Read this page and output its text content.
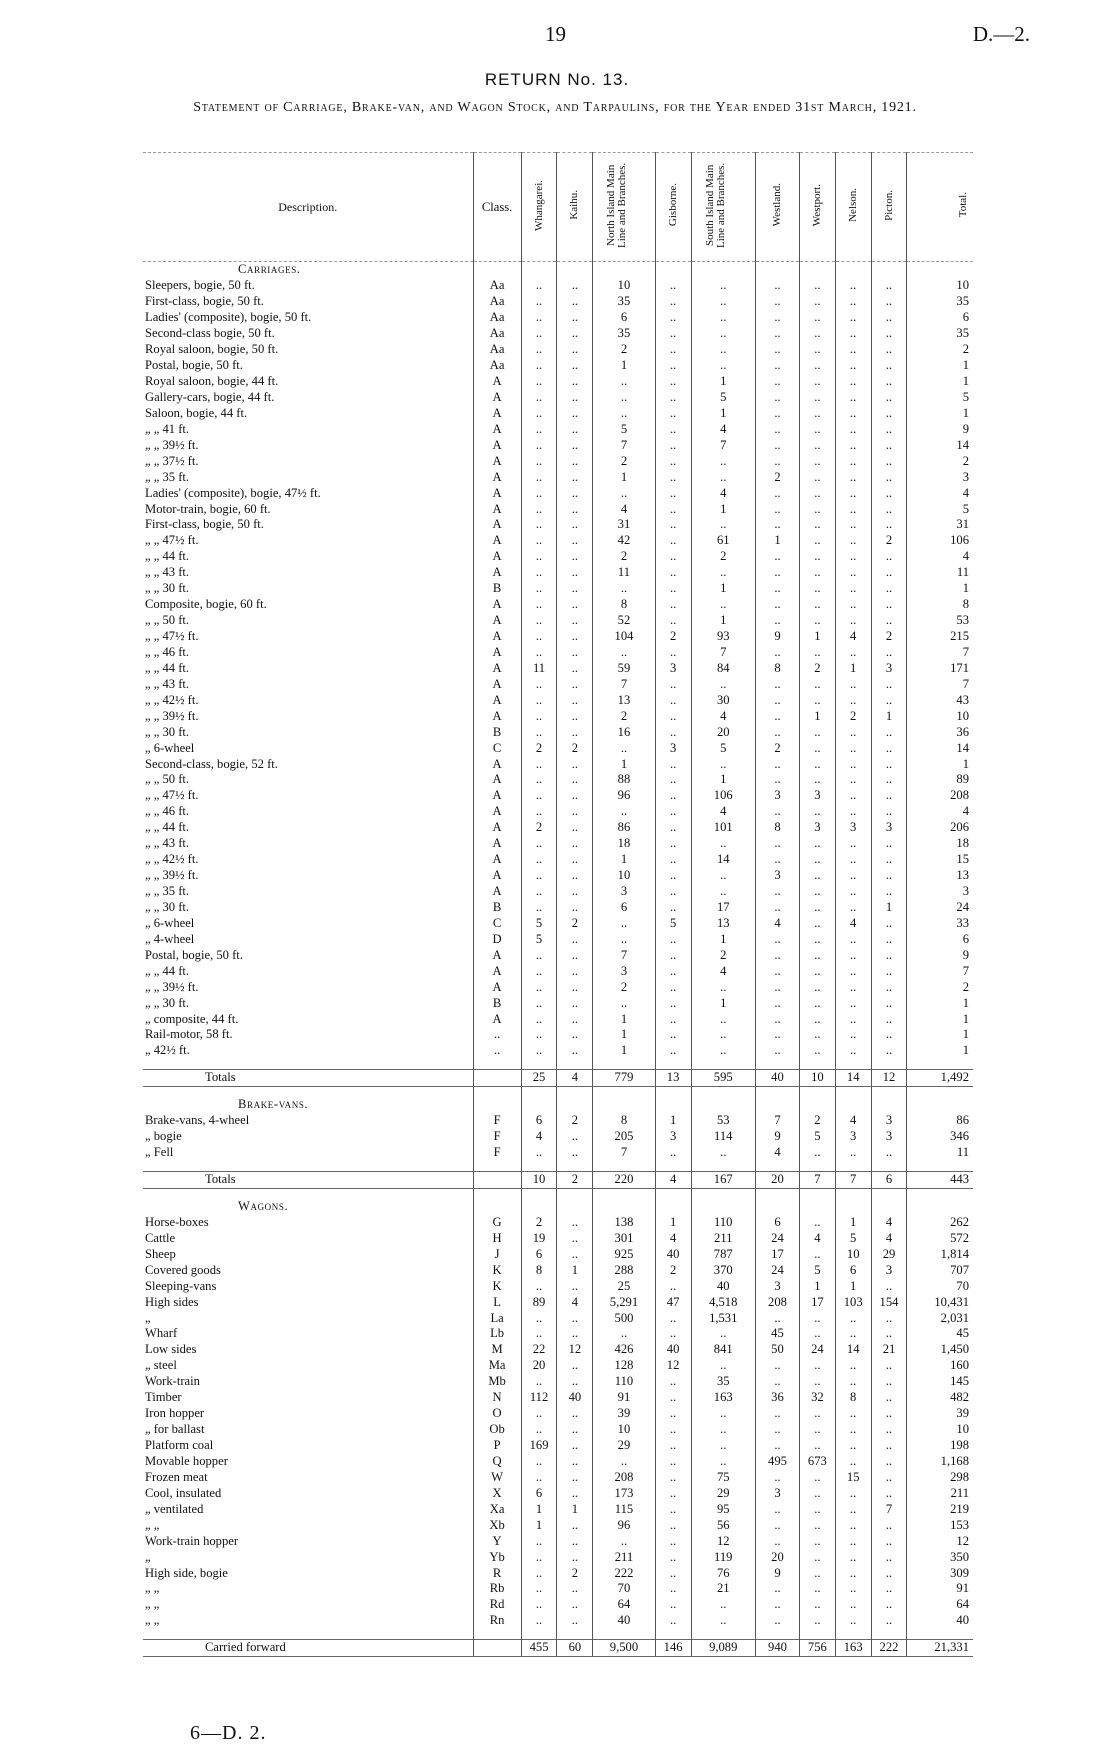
19	D.—2.
RETURN No. 13.
Statement of Carriage, Brake-van, and Wagon Stock, and Tarpaulins, for the Year ended 31st March, 1921.
Description.	Class.	Whangarei.	Kaihu.	North Island Main Line and Branches.	Gisborne.	South Island Main Line and Branches.	Westland.	Westport.	Nelson.	Picton.	Total.
Carriages.											
Sleepers, bogie, 50 ft.	Aa	..	..	10	..	..	..	..	..	..	10
First-class, bogie, 50 ft.	Aa	..	..	35	..	..	..	..	..	..	35
Ladies' (composite), bogie, 50 ft.	Aa	..	..	6	..	..	..	..	..	..	6
Second-class bogie, 50 ft.	Aa	..	..	35	..	..	..	..	..	..	35
Royal saloon, bogie, 50 ft.	Aa	..	..	2	..	..	..	..	..	..	2
Postal, bogie, 50 ft.	Aa	..	..	1	..	..	..	..	..	..	1
Royal saloon, bogie, 44 ft.	A	..	..	..	..	1	..	..	..	..	1
Gallery-cars, bogie, 44 ft.	A	..	..	..	..	5	..	..	..	..	5
Saloon, bogie, 44 ft.	A	..	..	..	..	1	..	..	..	..	1
„ „ 41 ft.	A	..	..	5	..	4	..	..	..	..	9
„ „ 39½ ft.	A	..	..	7	..	7	..	..	..	..	14
„ „ 37½ ft.	A	..	..	2	..	..	..	..	..	..	2
„ „ 35 ft.	A	..	..	1	..	..	2	..	..	..	3
Ladies' (composite), bogie, 47½ ft.	A	..	..	..	..	4	..	..	..	..	4
Motor-train, bogie, 60 ft.	A	..	..	4	..	1	..	..	..	..	5
First-class, bogie, 50 ft.	A	..	..	31	..	..	..	..	..	..	31
„ „ 47½ ft.	A	..	..	42	..	61	1	..	..	2	106
„ „ 44 ft.	A	..	..	2	..	2	..	..	..	..	4
„ „ 43 ft.	A	..	..	11	..	..	..	..	..	..	11
„ „ 30 ft.	B	..	..	..	..	1	..	..	..	..	1
Composite, bogie, 60 ft.	A	..	..	8	..	..	..	..	..	..	8
„ „ 50 ft.	A	..	..	52	..	1	..	..	..	..	53
„ „ 47½ ft.	A	..	..	104	2	93	9	1	4	2	215
„ „ 46 ft.	A	..	..	..	..	7	..	..	..	..	7
„ „ 44 ft.	A	11	..	59	3	84	8	2	1	3	171
„ „ 43 ft.	A	..	..	7	..	..	..	..	..	..	7
„ „ 42½ ft.	A	..	..	13	..	30	..	..	..	..	43
„ „ 39½ ft.	A	..	..	2	..	4	..	1	2	1	10
„ „ 30 ft.	B	..	..	16	..	20	..	..	..	..	36
„ 6-wheel	C	2	2	..	3	5	2	..	..	..	14
Second-class, bogie, 52 ft.	A	..	..	1	..	..	..	..	..	..	1
„ „ 50 ft.	A	..	..	88	..	1	..	..	..	..	89
„ „ 47½ ft.	A	..	..	96	..	106	3	3	..	..	208
„ „ 46 ft.	A	..	..	..	..	4	..	..	..	..	4
„ „ 44 ft.	A	2	..	86	..	101	8	3	3	3	206
„ „ 43 ft.	A	..	..	18	..	..	..	..	..	..	18
„ „ 42½ ft.	A	..	..	1	..	14	..	..	..	..	15
„ „ 39½ ft.	A	..	..	10	..	..	3	..	..	..	13
„ „ 35 ft.	A	..	..	3	..	..	..	..	..	..	3
„ „ 30 ft.	B	..	..	6	..	17	..	..	..	1	24
„ 6-wheel	C	5	2	..	5	13	4	..	4	..	33
„ 4-wheel	D	5	..	..	..	1	..	..	..	..	6
Postal, bogie, 50 ft.	A	..	..	7	..	2	..	..	..	..	9
„ „ 44 ft.	A	..	..	3	..	4	..	..	..	..	7
„ „ 39½ ft.	A	..	..	2	..	..	..	..	..	..	2
„ „ 30 ft.	B	..	..	..	..	1	..	..	..	..	1
„ composite, 44 ft.	A	..	..	1	..	..	..	..	..	..	1
Rail-motor, 58 ft.	..	..	..	1	..	..	..	..	..	..	1
„ 42½ ft.	..	..	..	1	..	..	..	..	..	..	1

Totals		25	4	779	13	595	40	10	14	12	1,492

Brake-vans.											
Brake-vans, 4-wheel	F	6	2	8	1	53	7	2	4	3	86
„ bogie	F	4	..	205	3	114	9	5	3	3	346
„ Fell	F	..	..	7	..	..	4	..	..	..	11

Totals		10	2	220	4	167	20	7	7	6	443

Wagons.											
Horse-boxes	G	2	..	138	1	110	6	..	1	4	262
Cattle	H	19	..	301	4	211	24	4	5	4	572
Sheep	J	6	..	925	40	787	17	..	10	29	1,814
Covered goods	K	8	1	288	2	370	24	5	6	3	707
Sleeping-vans	K	..	..	25	..	40	3	1	1	..	70
High sides	L	89	4	5,291	47	4,518	208	17	103	154	10,431
„	La	..	..	500	..	1,531	..	..	..	..	2,031
Wharf	Lb	..	..	..	..	..	45	..	..	..	45
Low sides	M	22	12	426	40	841	50	24	14	21	1,450
„ steel	Ma	20	..	128	12	..	..	..	..	..	160
Work-train	Mb	..	..	110	..	35	..	..	..	..	145
Timber	N	112	40	91	..	163	36	32	8	..	482
Iron hopper	O	..	..	39	..	..	..	..	..	..	39
„ for ballast	Ob	..	..	10	..	..	..	..	..	..	10
Platform coal	P	169	..	29	..	..	..	..	..	..	198
Movable hopper	Q	..	..	..	..	..	495	673	..	..	1,168
Frozen meat	W	..	..	208	..	75	..	..	15	..	298
Cool, insulated	X	6	..	173	..	29	3	..	..	..	211
„ ventilated	Xa	1	1	115	..	95	..	..	..	7	219
„ „	Xb	1	..	96	..	56	..	..	..	..	153
Work-train hopper	Y	..	..	..	..	12	..	..	..	..	12
„	Yb	..	..	211	..	119	20	..	..	..	350
High side, bogie	R	..	2	222	..	76	9	..	..	..	309
„ „	Rb	..	..	70	..	21	..	..	..	..	91
„ „	Rd	..	..	64	..	..	..	..	..	..	64
„ „	Rn	..	..	40	..	..	..	..	..	..	40

Carried forward		455	60	9,500	146	9,089	940	756	163	222	21,331
6—D. 2.
